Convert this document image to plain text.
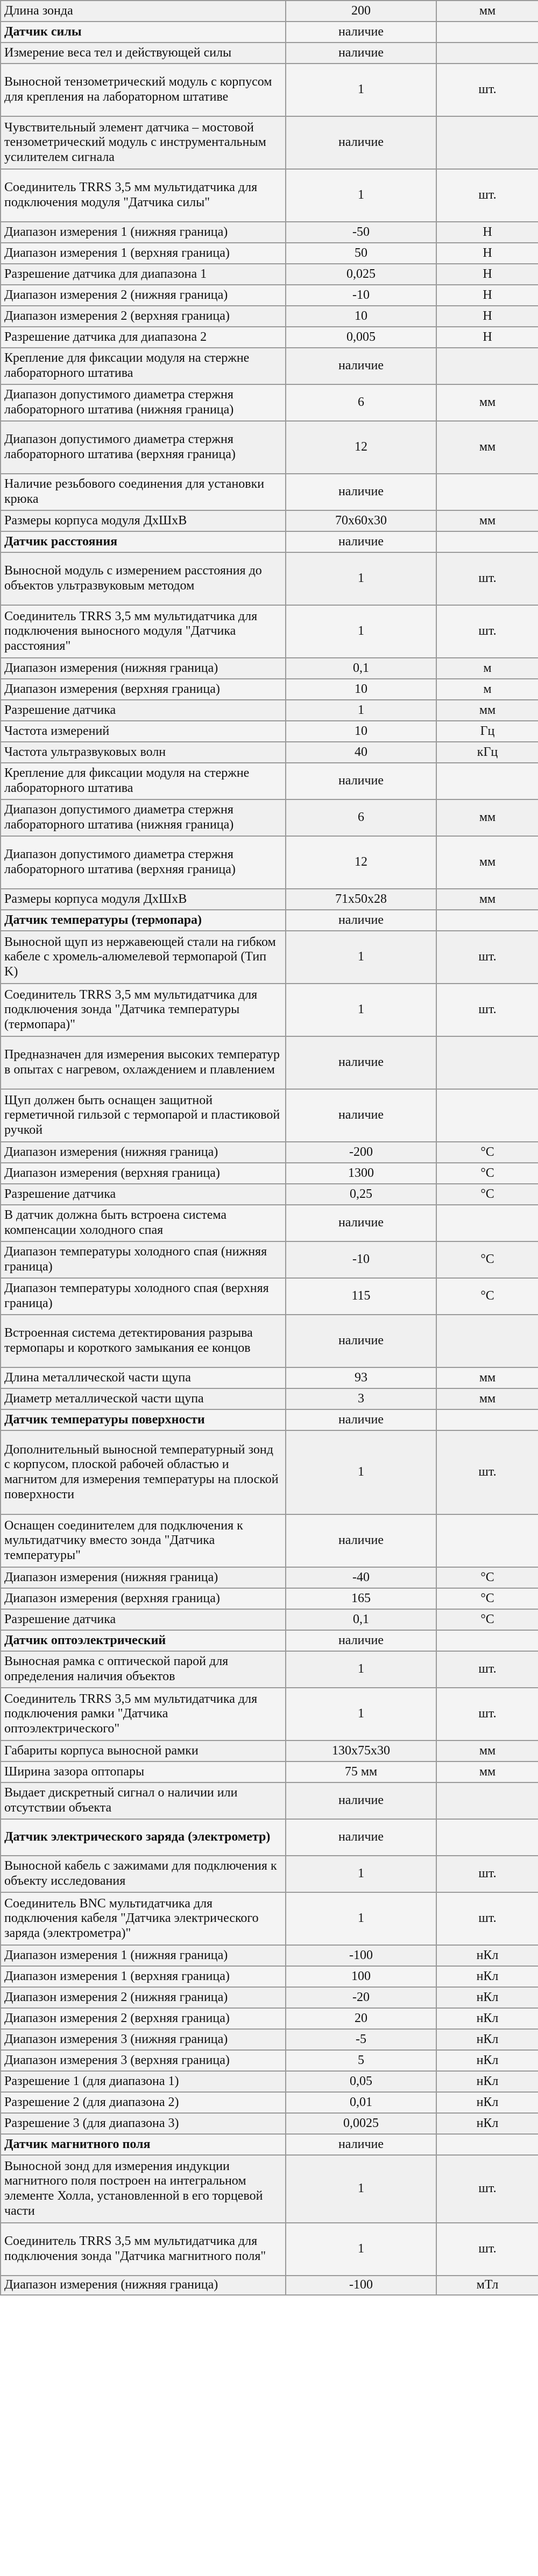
Длина зонда	200	мм
Датчик силы	наличие	
Измерение веса тел и действующей силы	наличие	
Выносной тензометрический модуль с корпусом для крепления на лабораторном штативе	1	шт.
Чувствительный элемент датчика – мостовой тензометрический модуль с инструментальным усилителем сигнала	наличие	
Соединитель TRRS 3,5 мм мультидатчика для подключения модуля "Датчика силы"	1	шт.
Диапазон измерения 1 (нижняя граница)	-50	Н
Диапазон измерения 1 (верхняя граница)	50	Н
Разрешение датчика для диапазона 1	0,025	Н
Диапазон измерения 2 (нижняя граница)	-10	Н
Диапазон измерения 2 (верхняя граница)	10	Н
Разрешение датчика для диапазона 2	0,005	Н
Крепление для фиксации модуля на стержне лабораторного штатива	наличие	
Диапазон допустимого диаметра стержня лабораторного штатива (нижняя граница)	6	мм
Диапазон допустимого диаметра стержня лабораторного штатива (верхняя граница)	12	мм
Наличие резьбового соединения для установки крюка	наличие	
Размеры корпуса модуля ДхШхВ	70х60х30	мм
Датчик расстояния	наличие	
Выносной модуль с измерением расстояния до объектов ультразвуковым методом	1	шт.
Соединитель TRRS 3,5 мм мультидатчика для подключения выносного модуля "Датчика расстояния"	1	шт.
Диапазон измерения (нижняя граница)	0,1	м
Диапазон измерения (верхняя граница)	10	м
Разрешение датчика	1	мм
Частота измерений	10	Гц
Частота ультразвуковых волн	40	кГц
Крепление для фиксации модуля на стержне лабораторного штатива	наличие	
Диапазон допустимого диаметра стержня лабораторного штатива (нижняя граница)	6	мм
Диапазон допустимого диаметра стержня лабораторного штатива (верхняя граница)	12	мм
Размеры корпуса модуля ДхШхВ	71х50х28	мм
Датчик температуры (термопара)	наличие	
Выносной щуп из нержавеющей стали на гибком кабеле с хромель-алюмелевой термопарой (Тип K)	1	шт.
Соединитель TRRS 3,5 мм мультидатчика для подключения зонда "Датчика температуры (термопара)"	1	шт.
Предназначен для измерения высоких температур в опытах с нагревом, охлаждением и плавлением	наличие	
Щуп должен быть оснащен защитной герметичной гильзой с термопарой и пластиковой ручкой	наличие	
Диапазон измерения (нижняя граница)	-200	°C
Диапазон измерения (верхняя граница)	1300	°C
Разрешение датчика	0,25	°C
В датчик должна быть встроена система компенсации холодного спая	наличие	
Диапазон температуры холодного спая (нижняя граница)	-10	°C
Диапазон температуры холодного спая (верхняя граница)	115	°C
Встроенная система детектирования разрыва термопары и короткого замыкания ее концов	наличие	
Длина металлической части щупа	93	мм
Диаметр металлической части щупа	3	мм
Датчик температуры поверхности	наличие	
Дополнительный выносной температурный зонд с корпусом, плоской рабочей областью и магнитом для измерения температуры на плоской поверхности	1	шт.
Оснащен соединителем для подключения к мультидатчику вместо зонда "Датчика температуры"	наличие	
Диапазон измерения (нижняя граница)	-40	°C
Диапазон измерения (верхняя граница)	165	°C
Разрешение датчика	0,1	°C
Датчик оптоэлектрический	наличие	
Выносная рамка с оптической парой для определения наличия объектов	1	шт.
Соединитель TRRS 3,5 мм мультидатчика для подключения рамки "Датчика оптоэлектрического"	1	шт.
Габариты корпуса выносной рамки	130х75х30	мм
Ширина зазора оптопары	75 мм	мм
Выдает дискретный сигнал о наличии или отсутствии объекта	наличие	
Датчик электрического заряда (электрометр)	наличие	
Выносной кабель с зажимами для подключения к объекту исследования	1	шт.
Соединитель BNC мультидатчика для подключения кабеля "Датчика электрического заряда (электрометра)"	1	шт.
Диапазон измерения 1 (нижняя граница)	-100	нКл
Диапазон измерения 1 (верхняя граница)	100	нКл
Диапазон измерения 2 (нижняя граница)	-20	нКл
Диапазон измерения 2 (верхняя граница)	20	нКл
Диапазон измерения 3 (нижняя граница)	-5	нКл
Диапазон измерения 3 (верхняя граница)	5	нКл
Разрешение 1 (для диапазона 1)	0,05	нКл
Разрешение 2 (для диапазона 2)	0,01	нКл
Разрешение 3 (для диапазона 3)	0,0025	нКл
Датчик магнитного поля	наличие	
Выносной зонд для измерения индукции магнитного поля построен на интегральном элементе Холла, установленной в его торцевой части	1	шт.
Соединитель TRRS 3,5 мм мультидатчика для подключения зонда "Датчика магнитного поля"	1	шт.
Диапазон измерения (нижняя граница)	-100	мТл
